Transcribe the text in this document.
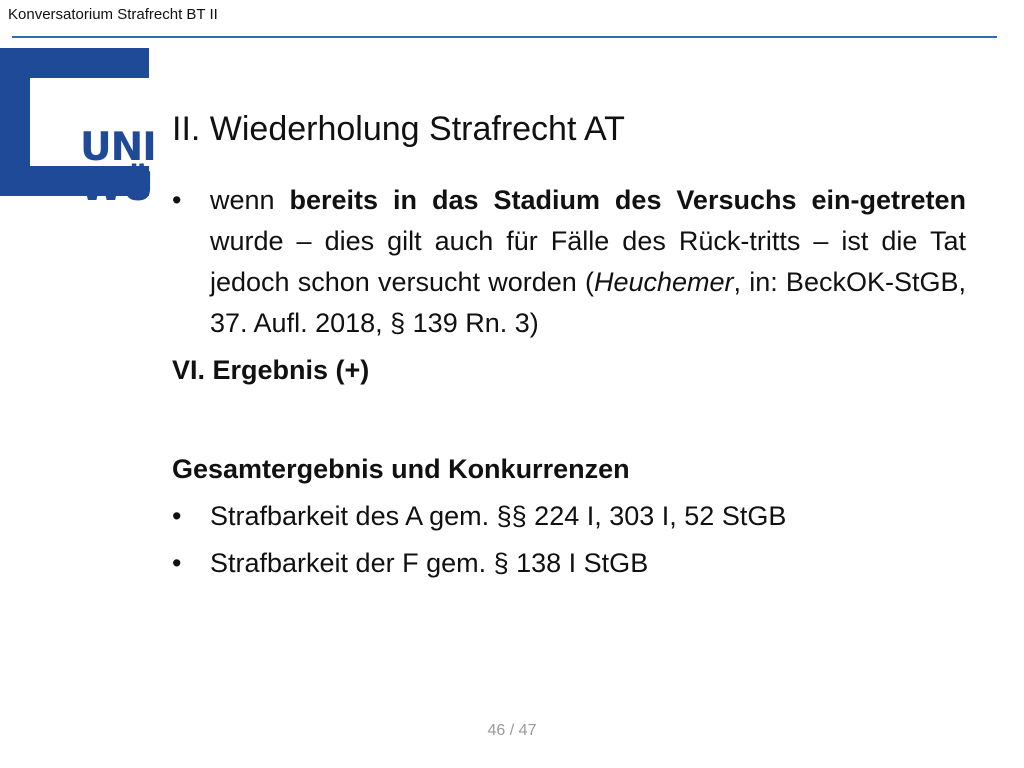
Konversatorium Strafrecht BT II
UNI
WÜ
II. Wiederholung Strafrecht AT
• wenn bereits in das Stadium des Versuchs ein-getreten wurde – dies gilt auch für Fälle des Rück-tritts – ist die Tat jedoch schon versucht worden (Heuchemer, in: BeckOK-StGB, 37. Aufl. 2018, § 139 Rn. 3)
VI. Ergebnis (+)
Gesamtergebnis und Konkurrenzen
• Strafbarkeit des A gem. §§ 224 I, 303 I, 52 StGB
• Strafbarkeit der F gem. § 138 I StGB
46 / 47
